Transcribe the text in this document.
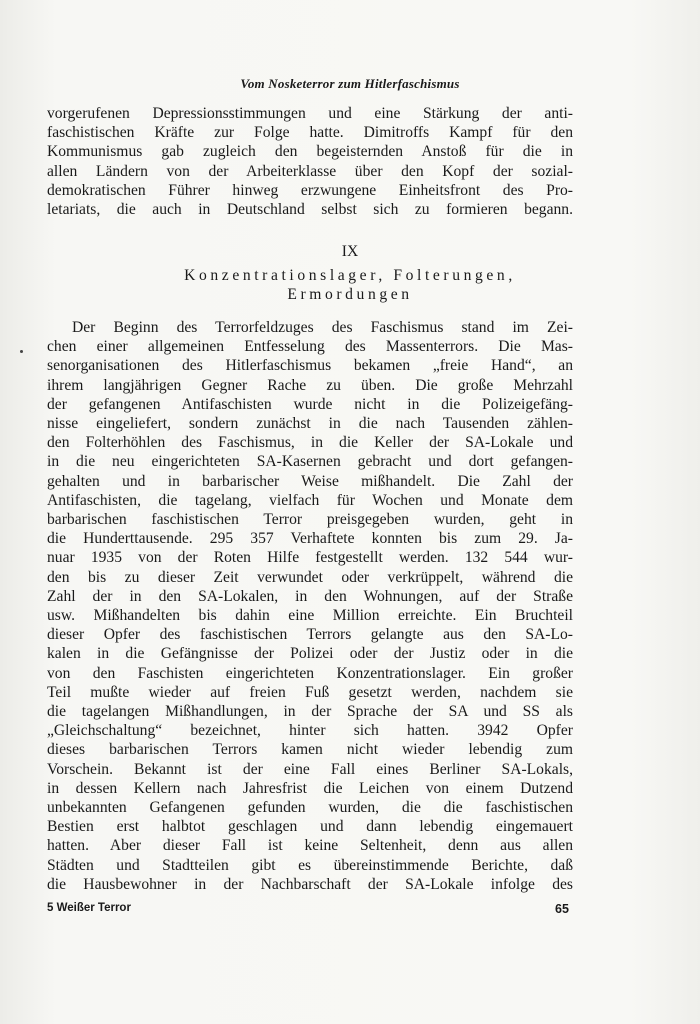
Vom Nosketerror zum Hitlerfaschismus
vorgerufenen Depressionsstimmungen und eine Stärkung der anti-
faschistischen Kräfte zur Folge hatte. Dimitroffs Kampf für den
Kommunismus gab zugleich den begeisternden Anstoß für die in
allen Ländern von der Arbeiterklasse über den Kopf der sozial-
demokratischen Führer hinweg erzwungene Einheitsfront des Pro-
letariats, die auch in Deutschland selbst sich zu formieren begann.
IX
Konzentrationslager, Folterungen,
Ermordungen
Der Beginn des Terrorfeldzuges des Faschismus stand im Zei-
chen einer allgemeinen Entfesselung des Massenterrors. Die Mas-
senorganisationen des Hitlerfaschismus bekamen „freie Hand“, an
ihrem langjährigen Gegner Rache zu üben. Die große Mehrzahl
der gefangenen Antifaschisten wurde nicht in die Polizeigefäng-
nisse eingeliefert, sondern zunächst in die nach Tausenden zählen-
den Folterhöhlen des Faschismus, in die Keller der SA-Lokale und
in die neu eingerichteten SA-Kasernen gebracht und dort gefangen-
gehalten und in barbarischer Weise mißhandelt. Die Zahl der
Antifaschisten, die tagelang, vielfach für Wochen und Monate dem
barbarischen faschistischen Terror preisgegeben wurden, geht in
die Hunderttausende. 295 357 Verhaftete konnten bis zum 29. Ja-
nuar 1935 von der Roten Hilfe festgestellt werden. 132 544 wur-
den bis zu dieser Zeit verwundet oder verkrüppelt, während die
Zahl der in den SA-Lokalen, in den Wohnungen, auf der Straße
usw. Mißhandelten bis dahin eine Million erreichte. Ein Bruchteil
dieser Opfer des faschistischen Terrors gelangte aus den SA-Lo-
kalen in die Gefängnisse der Polizei oder der Justiz oder in die
von den Faschisten eingerichteten Konzentrationslager. Ein großer
Teil mußte wieder auf freien Fuß gesetzt werden, nachdem sie
die tagelangen Mißhandlungen, in der Sprache der SA und SS als
„Gleichschaltung“ bezeichnet, hinter sich hatten. 3942 Opfer
dieses barbarischen Terrors kamen nicht wieder lebendig zum
Vorschein. Bekannt ist der eine Fall eines Berliner SA-Lokals,
in dessen Kellern nach Jahresfrist die Leichen von einem Dutzend
unbekannten Gefangenen gefunden wurden, die die faschistischen
Bestien erst halbtot geschlagen und dann lebendig eingemauert
hatten. Aber dieser Fall ist keine Seltenheit, denn aus allen
Städten und Stadtteilen gibt es übereinstimmende Berichte, daß
die Hausbewohner in der Nachbarschaft der SA-Lokale infolge des
5 Weißer Terror	65
